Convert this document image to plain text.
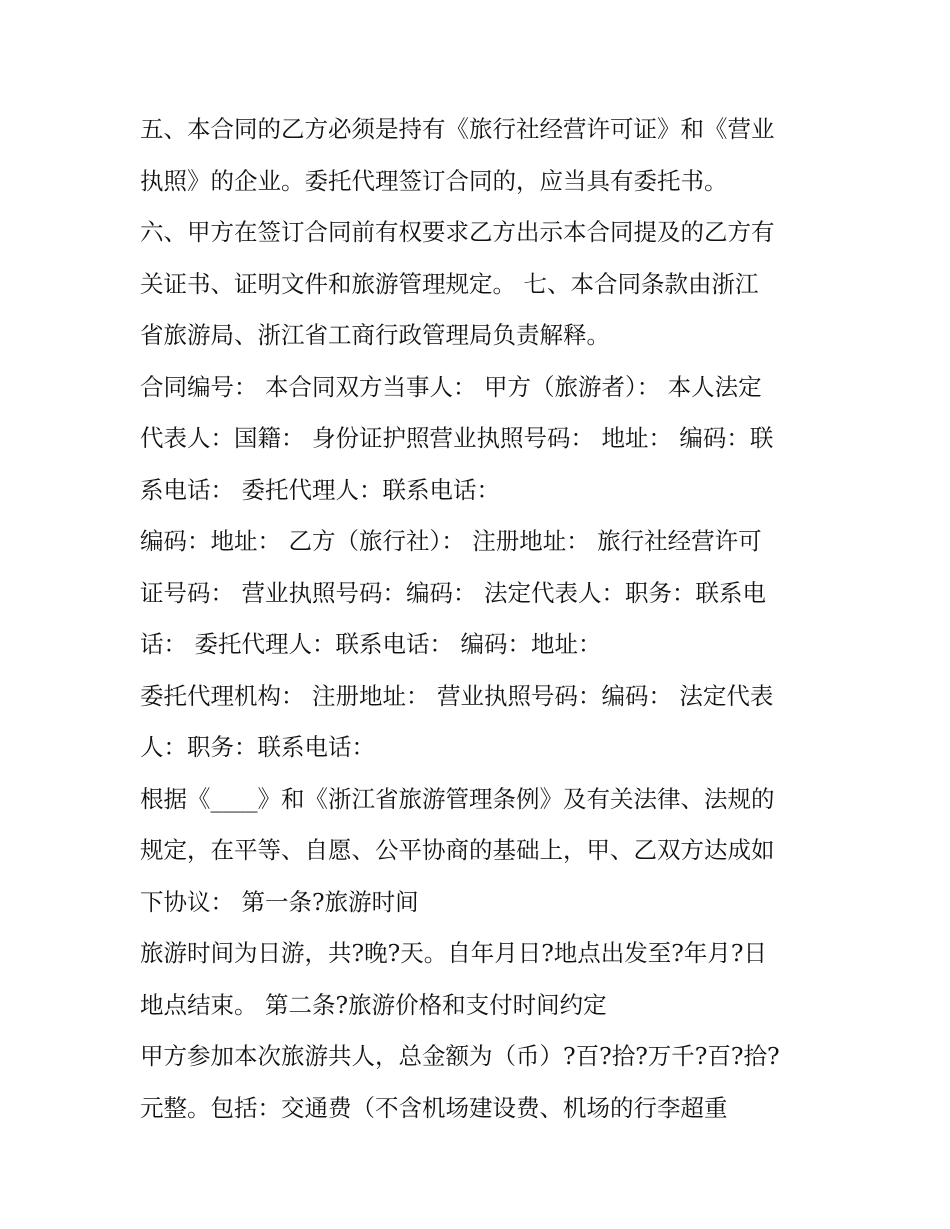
五、本合同的乙方必须是持有《旅行社经营许可证》和《营业
执照》的企业。委托代理签订合同的，应当具有委托书。
六、甲方在签订合同前有权要求乙方出示本合同提及的乙方有
关证书、证明文件和旅游管理规定。 七、本合同条款由浙江
省旅游局、浙江省工商行政管理局负责解释。
合同编号： 本合同双方当事人： 甲方（旅游者）： 本人法定
代表人：国籍： 身份证护照营业执照号码： 地址： 编码：联
系电话： 委托代理人：联系电话：
编码：地址： 乙方（旅行社）： 注册地址： 旅行社经营许可
证号码： 营业执照号码：编码： 法定代表人：职务：联系电
话： 委托代理人：联系电话： 编码：地址：
委托代理机构： 注册地址： 营业执照号码：编码： 法定代表
人：职务：联系电话：
根据《____》和《浙江省旅游管理条例》及有关法律、法规的
规定，在平等、自愿、公平协商的基础上，甲、乙双方达成如
下协议： 第一条?旅游时间
旅游时间为日游，共?晚?天。自年月日?地点出发至?年月?日
地点结束。 第二条?旅游价格和支付时间约定
甲方参加本次旅游共人，总金额为（币）?百?拾?万千?百?拾?
元整。包括：交通费（不含机场建设费、机场的行李超重
